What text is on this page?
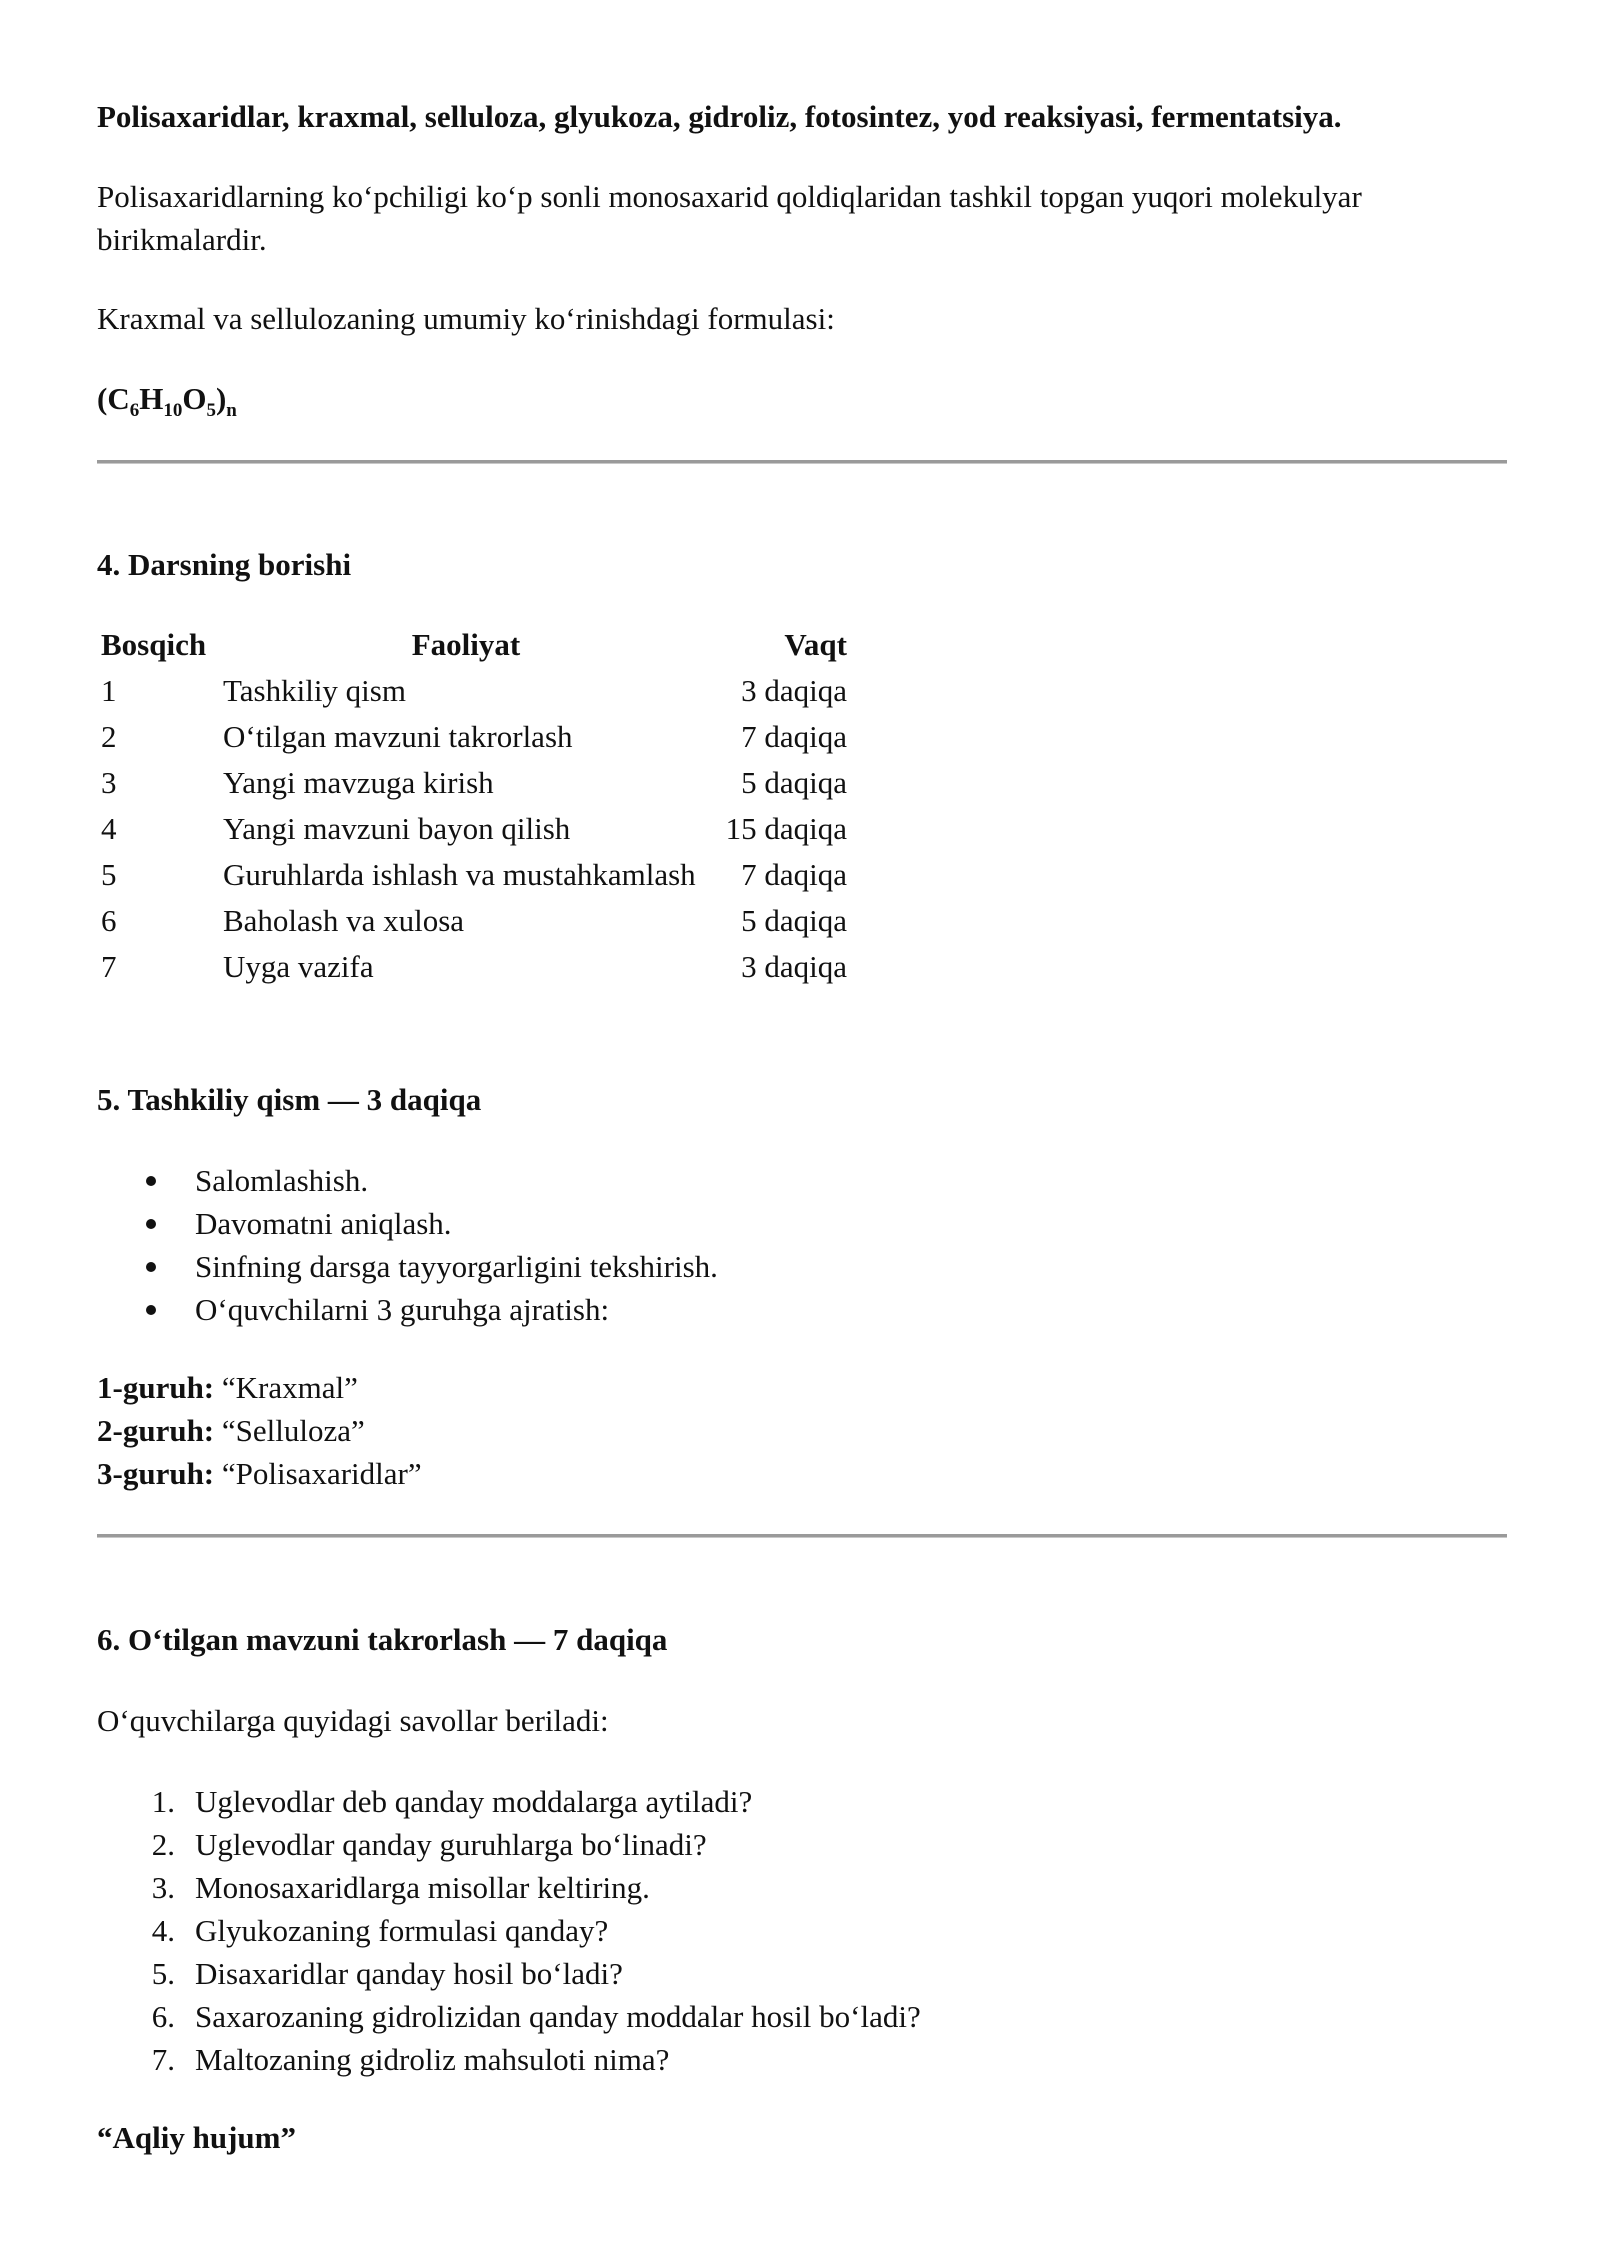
Polisaxaridlar, kraxmal, selluloza, glyukoza, gidroliz, fotosintez, yod reaksiyasi, fermentatsiya.
Polisaxaridlarning ko‘pchiligi ko‘p sonli monosaxarid qoldiqlaridan tashkil topgan yuqori molekulyar birikmalardir.
Kraxmal va sellulozaning umumiy ko‘rinishdagi formulasi:
$(C_6H_{10}O_5)_n$
4. Darsning borishi
Bosqich	Faoliyat	Vaqt
1	Tashkiliy qism	3 daqiqa
2	O‘tilgan mavzuni takrorlash	7 daqiqa
3	Yangi mavzuga kirish	5 daqiqa
4	Yangi mavzuni bayon qilish	15 daqiqa
5	Guruhlarda ishlash va mustahkamlash	7 daqiqa
6	Baholash va xulosa	5 daqiqa
7	Uyga vazifa	3 daqiqa
5. Tashkiliy qism — 3 daqiqa
Salomlashish.
Davomatni aniqlash.
Sinfning darsga tayyorgarligini tekshirish.
O‘quvchilarni 3 guruhga ajratish:
1-guruh: “Kraxmal”
2-guruh: “Selluloza”
3-guruh: “Polisaxaridlar”
6. O‘tilgan mavzuni takrorlash — 7 daqiqa
O‘quvchilarga quyidagi savollar beriladi:
1. Uglevodlar deb qanday moddalarga aytiladi?
2. Uglevodlar qanday guruhlarga bo‘linadi?
3. Monosaxaridlarga misollar keltiring.
4. Glyukozaning formulasi qanday?
5. Disaxaridlar qanday hosil bo‘ladi?
6. Saxarozaning gidrolizidan qanday moddalar hosil bo‘ladi?
7. Maltozaning gidroliz mahsuloti nima?
“Aqliy hujum”
